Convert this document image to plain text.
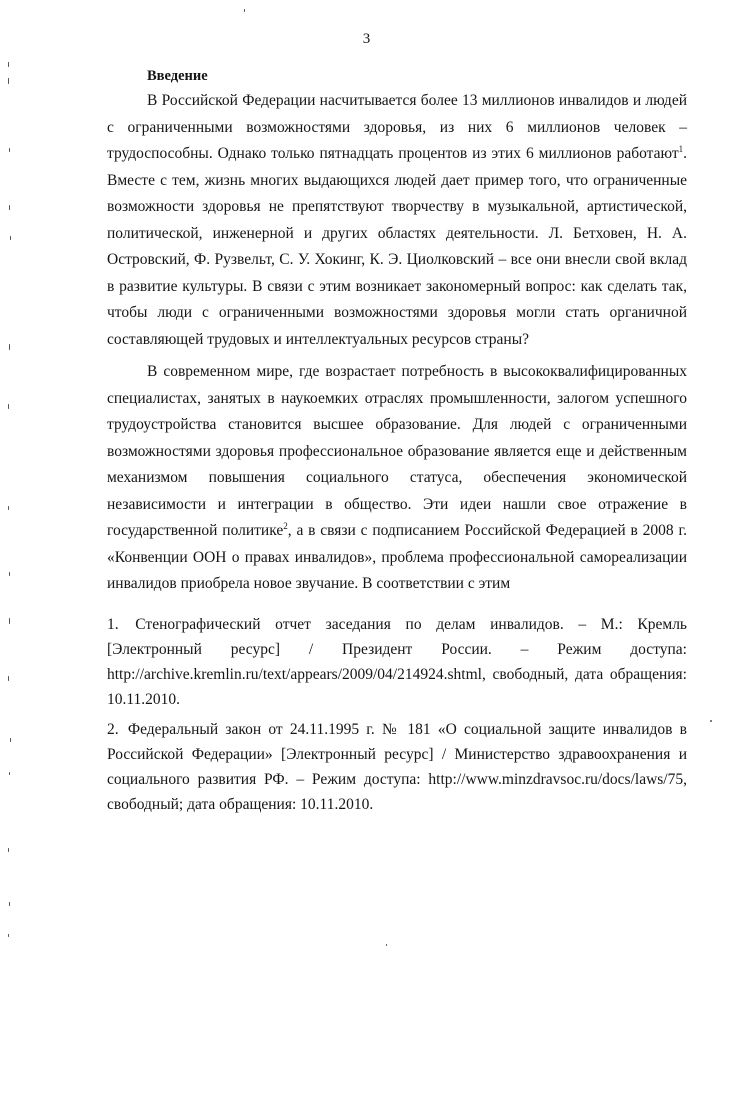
3
Введение

В Российской Федерации насчитывается более 13 миллионов инвалидов и людей с ограниченными возможностями здоровья, из них 6 миллионов человек – трудоспособны. Однако только пятнадцать процентов из этих 6 миллионов работают$^1$. Вместе с тем, жизнь многих выдающихся людей дает пример того, что ограниченные возможности здоровья не препятствуют творчеству в музыкальной, артистической, политической, инженерной и других областях деятельности. Л. Бетховен, Н. А. Островский, Ф. Рузвельт, С. У. Хокинг, К. Э. Циолковский – все они внесли свой вклад в развитие культуры. В связи с этим возникает закономерный вопрос: как сделать так, чтобы люди с ограниченными возможностями здоровья могли стать органичной составляющей трудовых и интеллектуальных ресурсов страны?

В современном мире, где возрастает потребность в высококвалифицированных специалистах, занятых в наукоемких отраслях промышленности, залогом успешного трудоустройства становится высшее образование. Для людей с ограниченными возможностями здоровья профессиональное образование является еще и действенным механизмом повышения социального статуса, обеспечения экономической независимости и интеграции в общество. Эти идеи нашли свое отражение в государственной политике$^2$, а в связи с подписанием Российской Федерацией в 2008 г. «Конвенции ООН о правах инвалидов», проблема профессиональной самореализации инвалидов приобрела новое звучание. В соответствии с этим

1. Стенографический отчет заседания по делам инвалидов. – М.: Кремль [Электронный ресурс] / Президент России. – Режим доступа: http://archive.kremlin.ru/text/appears/2009/04/214924.shtml, свободный, дата обращения: 10.11.2010.

2. Федеральный закон от 24.11.1995 г. № 181 «О социальной защите инвалидов в Российской Федерации» [Электронный ресурс] / Министерство здравоохранения и социального развития РФ. – Режим доступа: http://www.minzdravsoc.ru/docs/laws/75, свободный; дата обращения: 10.11.2010.
